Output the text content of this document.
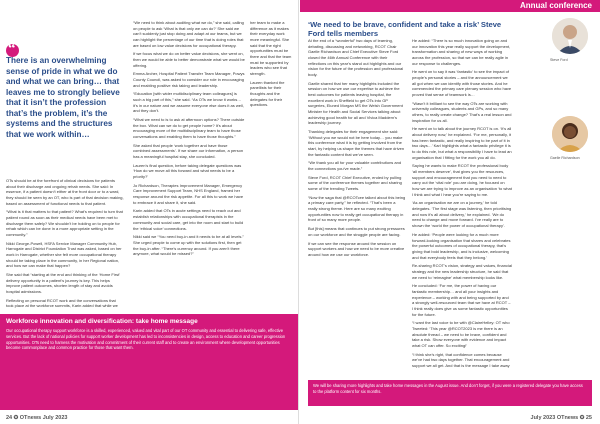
“

There is an overwhelming sense of pride in what we do and what we can bring… that leaves me to strongly believe that it isn’t the profession that’s the problem, it’s the systems and the structures that we work within…

OTs should be at the forefront of clinical decisions for patients about their discharge and ongoing rehab needs. She said: In essence, if a patient doesn’t either at the front door or to a ward, they should be seen by an OT, who is part of that decision making, based on assessment of functional needs to that patient.

“What is it that matters to that patient? What’s required to turn that patient round as soon as their medical needs have been met to discharge them safely? We shouldn’t be holding on to people for rehab which can be done in a more appropriate setting in the community.”

Nikki George-Powell, HSFA Service Manager Community Hub, Harrogate and District Foundation Trust was asked, based on her work in Harrogate, whether she felt more occupational therapy should be taking place in the community, in her Regional nation, and how we can make that happen?

She said that “starting at the end and thinking of the ‘Home First’ delivery opportunity in a patient’s journey is key. This helps improve patient outcomes, shorten length of stay and avoids hospital admissions.

Reflecting on personal RCOT work and the conversations that took place at the workforce summits, Karin added that while we

“We need to think about auditing what we do,” she said, calling on people to ask ‘What is that only we can do?’ She said we can’t suddenly just stop doing and adapt at our teams, but we can highlight the percentage of our time that is doing roles that are based on low value decisions for occupational therapy.

If we focus what we do on better value decisions, she went on, then we would be able to better demonstrate what we would be offering.

Emma Archer, Hospital Patient Transfer Team Manager, Powys County Council, was asked to consider our role in encouraging and enabling positive risk taking and leadership.

“Education [with wider multidisciplinary team colleagues] is such a big part of this,” she said. “As OTs we know it works… it’s in our nature and we assume everyone else does it as well, and they don’t.

“What we need to is to ask at afternoon options? There outside the box. What can we do to get people home? It’s about encouraging more of the multidisciplinary team to have those conversations and enabling them to have those thoughts.”

She asked that people ‘work together and have those combined assessments’. If we share our information, a person has a meaningful hospital stay, she concluded.

Lauren’s final question, before taking delegate questions was ‘How do we move all this forward and what needs to be a priority?’

Jo Richardson, Therapies Improvement Manager, Emergency Care Improvement Support Team, NHS England, framed her response around the risk appetite. For all this to work we have to embrace it and share it, she said.

Karin added that OTs in acute settings need to reach out and establish relationships with occupational therapists in the community and social care, get into the room and start to build the ‘ethical voice’ connections.

Nikki said we “You need buy-in and it needs to be at all levels.” She urged people to come up with the solutions first, then get the buy-in after. “There’s currency around. If you aren’t there anymore, what would be missed?”

her team to make a difference as it makes their everyday work more meaningful. She said that the right opportunities must be there and that the team must be supported by leaders who see that strength.

Lauren thanked the panellists for their thoughts and the delegates for their questions.

Workforce innovation and diversification: take home message
Our occupational therapy support workforce is a skilled, experienced, valued and vital part of our OT community and essential to delivering safe, effective services. But the lack of national policies for support worker development has led to inconsistencies in design, access to education and career progression opportunities. OTs need to harness the motivation and commitment of their current staff and to create an environment where development opportunities become commonplace and common practice for those that want them.
24 ✪ OTnews July 2023
Annual conference
‘We need to be brave, confident and take a risk’ Steve Ford tells members

At the end of a “wonderful” two days of learning, debating, discussing and networking, RCOT Chair Gaelle Richardson and Chief Executive Steve Ford closed the 46th Annual Conference with their reflections on this year’s stand out highlights and our vision for the future of the profession and professional body.

Gaelle shared that her many highlights included the session on how we use our expertise to achieve the best outcomes for patients leaving hospital, the excellent work in Sheffield to get OTs into GP surgeries, Eluned Morgan MS the Welsh Government Minister for Health and Social Services talking about achieving good health for all and Vivica Maddern’s leadership journey.

Thanking delegates for their engagement she said: ‘Without you we would not be here today… you make this conference what it is by getting involved from the start, by helping us shape the themes that have driven the fantastic content that we’ve seen.

“We thank you all for your valuable contributions and the connections you’ve made.”

Steve Ford, RCOT Chief Executive, ended by pulling some of the conference themes together and sharing some of the trending Tweets.

“Now the saga that @RCOTcee talked about this being a primary care party,” he reflected. “That’s been a really strong theme. Here are so many exciting opportunities now to really get occupational therapy in front of so many more people.

But [this] means that continues to put strong pressures on our workforce and the struggle people are facing.

If we can see the response around the session on support workers and how we need to be more creative around how we use our workforce.

He added: “There is so much innovation going on and our innovation this year really support the development, transformation and sharing of new ways of working across the profession, so that we can be really agile in our response to challenges.

He went on to say it was ‘fantastic’ to see the impact of people’s personal stories – and the announcement we all got when we can identify with those stories. And he commended the primary care plenary session who have proved that sense of teamwork is…

“Wasn’t it brilliant to see the way OTs are working with university colleagues, students and GPs, and so many others, to really create change? That’s a real lesson and inspiration for us all.

He went on to talk about the journey RCOT is on. ‘It’s all about delivery now,’ he explained. ‘For me, personally, it has been fantastic, and really inspiring to be part of it in two days…’ Karl highlights what a fantastic privilege it is to do this role, but what a responsibility I have to lead an organisation that I fitting for the work you all do.

Saying he wants to make RCOT the professional body ‘all members deserve’, that gives you the resources, support and encouragement that you need to need to carry out the ‘vital role’ you are doing, he focused on how we are trying to improve as an organisation ‘to what I think and what I hear you’re saying to me.

‘As an organisation we are on a journey,’ he told delegates. ‘The first stage was listening, then prioritising and now it’s all about delivery,’ he explained. ‘We do need to change and move forward. I’ve really are to shown the ‘world the power of occupational therapy’.

He added: ‘People were looking for a much more forward-looking organisation that shares and celebrates the powerful outcomes of occupational therapy, that’s giving that bold leadership, and is inclusive, welcoming and that everybody feels that they belong.’

Re-sharing RCOT’s vision, strategy and values, financial strategy and the new leadership structure, he said that we need to ‘reimagine’ what membership looks like.

He concluded: ‘For me, the power of having our fantastic membership… and all your insights and experience – working with and being supported by and a strongly well-resourced team that we have at RCOT – I think really does give us some fantastic opportunities for the future.

“I want the last voice to be with @ClaireHelley: OT who Tweeted: ‘This year @RCOT2023 is me there is an absolute thread – we need to be brave, confident and take a risk. Show everyone with evidence and impact what OT can offer. So exciting!’

“I think she’s right, that confidence comes because we’ve had two days together. That encouragement and support we all get. And that is the message I take away

Steve Ford
Gaelle Richardson
We will be sharing more highlights and take home messages in the August issue. And don’t forget, if you were a registered delegate you have access to the platform content for six months.
July 2023 OTnews ✪ 25
